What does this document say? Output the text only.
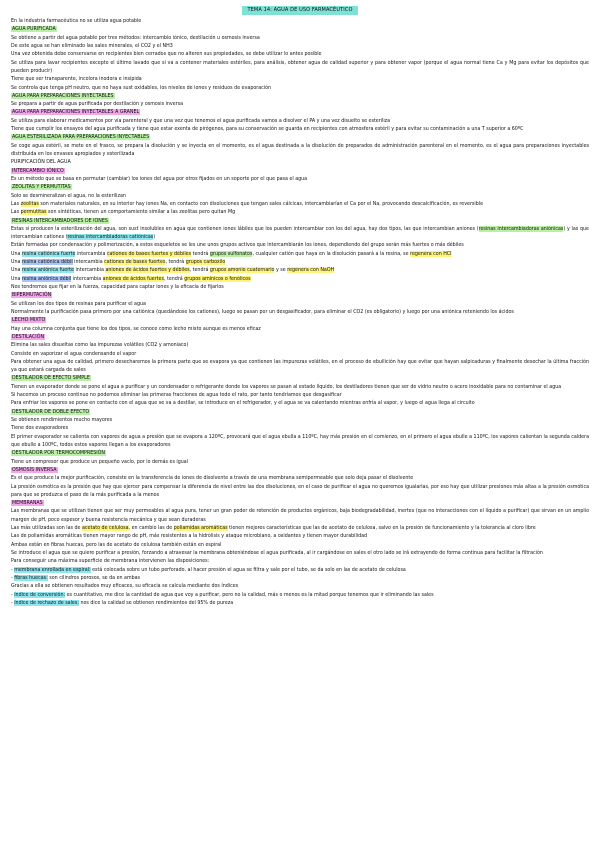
TEMA 14: AGUA DE USO FARMACÉUTICO

En la industria farmacéutica no se utiliza agua potable

AGUA PURIFICADA

Se obtiene a partir del agua potable por tres métodos: intercambio iónico, destilación u osmosis inversa

De este agua se han eliminado las sales minerales, el CO2 y el NH3

Una vez obtenida debe conservarse en recipientes bien cerrados que no alteren sus propiedades, se debe utilizar lo antes posible

Se utiliza para lavar recipientes excepto el último lavado que si va a contener materiales estériles, para análisis, obtener agua de calidad superior y para obtener vapor (porque el agua normal tiene Ca y Mg para evitar los depósitos que pueden producir)

Tiene que ser transparente, incolora inodora e insípida

Se controla que tenga pH neutro, que no haya sust oxidables, los niveles de iones y residuos de evaporación

AGUA PARA PREPARACIONES INYECTABLES

Se prepara a partir de agua purificada por destilación y osmosis inversa

AGUA PARA PREPARACIONES INYECTABLES A GRANEL

Se utiliza para elaborar medicamentos por vía parenteral y que una vez que tenemos el agua purificada vamos a disolver el PA y una vez disuelto se esteriliza

Tiene que cumplir los ensayos del agua purificada y tiene que estar exenta de pirógenos, para su conservación se guarda en recipientes con atmosfera estéril y para evitar su contaminación a una T superior a 60ºC

AGUA ESTERILIZADA PARA PREPARACIONES INYECTABLES

Se coge agua estéril, se mete en el frasco, se prepara la disolución y se inyecta en el momento, es el agua destinada a la disolución de preparados de administración parenteral en el momento, es el agua para preparaciones inyectables distribuida en los envases apropiados y esterilizada

PURIFICACIÓN DEL AGUA

INTERCAMBIO IÓNICO

Es un método que se basa en permutar (cambiar) los iones del agua por otros fijados en un soporte por el que pasa el agua

ZEOLITAS Y PERMUTITAS

Solo se desmineralizan el agua, no la esterilizan

Las zeolitas son materiales naturales, en su interior hay iones Na, en contacto con disoluciones que tengan sales cálcicas, intercambiarían el Ca por el Na, provocando descalcificación, es reversible

Las permutitas son sintéticas, tienen un comportamiento similar a las zeolitas pero quitan Mg

RESINAS INTERCAMBIADORES DE IONES

Estas si producen la esterilización del agua, son sust insolubles en agua que contienen iones lábiles que los pueden intercambiar con los del agua, hay dos tipos, las que intercambian aniones (resinas intercambiadoras aniónicas) y las que intercambian cationes (resinas intercambiadoras catiónicas)

Están formadas por condensación y polimerización, a estos esqueletos se les une unos grupos activos que intercambiarán los iones, dependiendo del grupo serán más fuertes o más débiles

Una resina catiónica fuerte intercambia cationes de bases fuertes y débiles tendrá grupos sulfonatos, cualquier catión que haya en la disolución pasará a la resina, se regenera con HCl

Una resina catiónica débil intercambia cationes de bases fuertes, tendrá grupos carboxilo

Una resina aniónica fuerte intercambia aniones de ácidos fuertes y débiles, tendrá grupos amonio cuaternario y se regenera con NaOH

Una resina aniónica débil intercambia aniones de ácidos fuertes, tendrá grupos amínicos o fenólicos

Nos tendremos que fijar en la fuerza, capacidad para captar iones y la eficacia de fijarlos

BIPERMUTACIÓN

Se utilizan los dos tipos de resinas para purificar el agua

Normalmente la purificación pasa primero por una catiónica (quedándose los cationes), luego se pasan por un desgasificador, para eliminar el CO2 (es obligatorio) y luego por una aniónica reteniendo los ácidos

LECHO MIXTO

Hay una columna conjunta que tiene los dos tipos, se conoce como lecho mixto aunque es menos eficaz

DESTILACIÓN

Elimina las sales disueltas como las impurezas volátiles (CO2 y amoniaco)

Consiste en vaporizar el agua condensando el vapor

Para obtener una agua de calidad, primero desecharemos la primera parte que se evapora ya que contienen las impurezas volátiles, en el proceso de ebullición hay que evitar que hayan salpicaduras y finalmente desechar la última fracción ya que estará cargada de sales

DESTILADOR DE EFECTO SIMPLE

Tienen un evaporador donde se pone el agua a purificar y un condensador o refrigerante donde los vapores se pasan al estado líquido, los destiladores tienen que ser de vidrio neutro o acero inoxidable para no contaminar el agua

Si hacemos un proceso continuo no podemos eliminar las primeras fracciones de agua todo el rato, por tanto tendríamos que desgasificar

Para enfriar los vapores se pone en contacto con el agua que se va a destilar, se introduce en el refrigerador, y el agua se va calentando mientras enfría al vapor, y luego el agua llega al circuito

DESTILADOR DE DOBLE EFECTO

Se obtienen rendimientos mucho mayores

Tiene dos evaporadores

El primer evaporador se calienta con vapores de agua a presión que se evapora a 120ºC, provocará que el agua ebulla a 110ºC, hay más presión en el comienzo, en el primero el agua ebulle a 110ºC, los vapores calientan la segunda caldera que ebulle a 100ºC, todos estos vapores llegan a los evaporadores

DESTILADOR POR TERMOCOMPRESIÓN

Tiene un compresor que produce un pequeño vacío, por lo demás es igual

OSMOSIS INVERSA

Es el que produce la mejor purificación, consiste en la transferencia de iones de disolvente a través de una membrana semipermeable que solo deja pasar el disolvente

La presión osmótica es la presión que hay que ejercer para compensar la diferencia de nivel entre las dos disoluciones, en el caso de purificar el agua no queremos igualarlas, por eso hay que utilizar presiones más altas a la presión osmótica para que se produzca el paso de la más purificada a la menos

MEMBRANAS

Las membranas que se utilizan tienen que ser muy permeables al agua pura, tener un gran poder de retención de productos orgánicos, baja biodegradabilidad, inertes (que no interacciones con el líquido a purificar) que sirvan en un amplio margen de pH, poco espesor y buena resistencia mecánica y que sean duraderas

Las más utilizadas son las de acetato de celulosa, en cambio las de poliamidas aromáticas tienen mejores características que las de acetato de celulosa, salvo en la presión de funcionamiento y la tolerancia al cloro libre

Las de poliamidas aromáticas tienen mayor rango de pH, más resistentes a la hidrólisis y ataque microbiano, a oxidantes y tienen mayor durabilidad

Ambas están en fibras huecas, pero las de acetato de celulosa también están en espiral

Se introduce el agua que se quiere purificar a presión, forzando a atravesar la membrana obteniéndose el agua purificada, al ir cargándose en sales el otro lado se irá extrayendo de forma continua para facilitar la filtración

Para conseguir una máxima superficie de membrana intervienen las disposiciones:

- membrana enrollada en espiral: está colocada sobre un tubo perforado, al hacer presión el agua se filtra y sale por el tubo, se da solo en las de acetato de celulosa

- fibras huecas: son cilindros porosos, se da en ambas

Gracias a ella se obtienen resultados muy eficaces, su eficacia se calcula mediante dos índices

- índice de conversión: es cuantitativo, me dice la cantidad de agua que voy a purificar, pero no la calidad, más o menos es la mitad porque tenemos que ir eliminando las sales

- índice de rechazo de sales: nos dice la calidad se obtienen rendimientos del 95% de pureza
